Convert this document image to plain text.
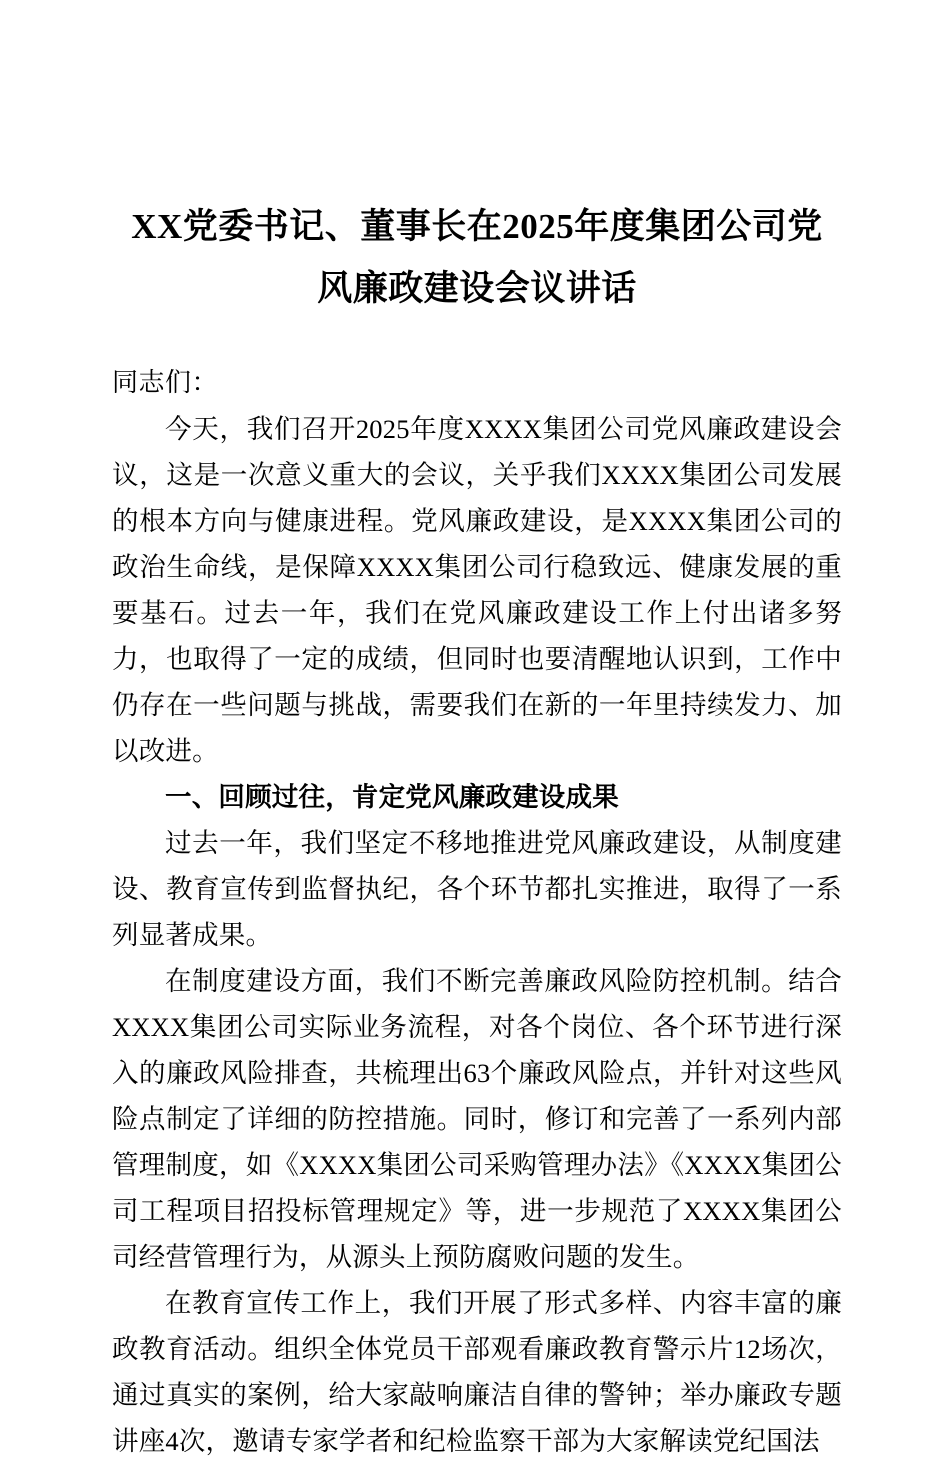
XX党委书记、董事长在2025年度集团公司党风廉政建设会议讲话

同志们：

今天，我们召开2025年度XXXX集团公司党风廉政建设会议，这是一次意义重大的会议，关乎我们XXXX集团公司发展的根本方向与健康进程。党风廉政建设，是XXXX集团公司的政治生命线，是保障XXXX集团公司行稳致远、健康发展的重要基石。过去一年，我们在党风廉政建设工作上付出诸多努力，也取得了一定的成绩，但同时也要清醒地认识到，工作中仍存在一些问题与挑战，需要我们在新的一年里持续发力、加以改进。

一、回顾过往，肯定党风廉政建设成果

过去一年，我们坚定不移地推进党风廉政建设，从制度建设、教育宣传到监督执纪，各个环节都扎实推进，取得了一系列显著成果。

在制度建设方面，我们不断完善廉政风险防控机制。结合XXXX集团公司实际业务流程，对各个岗位、各个环节进行深入的廉政风险排查，共梳理出63个廉政风险点，并针对这些风险点制定了详细的防控措施。同时，修订和完善了一系列内部管理制度，如《XXXX集团公司采购管理办法》《XXXX集团公司工程项目招投标管理规定》等，进一步规范了XXXX集团公司经营管理行为，从源头上预防腐败问题的发生。

在教育宣传工作上，我们开展了形式多样、内容丰富的廉政教育活动。组织全体党员干部观看廉政教育警示片12场次，通过真实的案例，给大家敲响廉洁自律的警钟；举办廉政专题讲座4次，邀请专家学者和纪检监察干部为大家解读党纪国法
